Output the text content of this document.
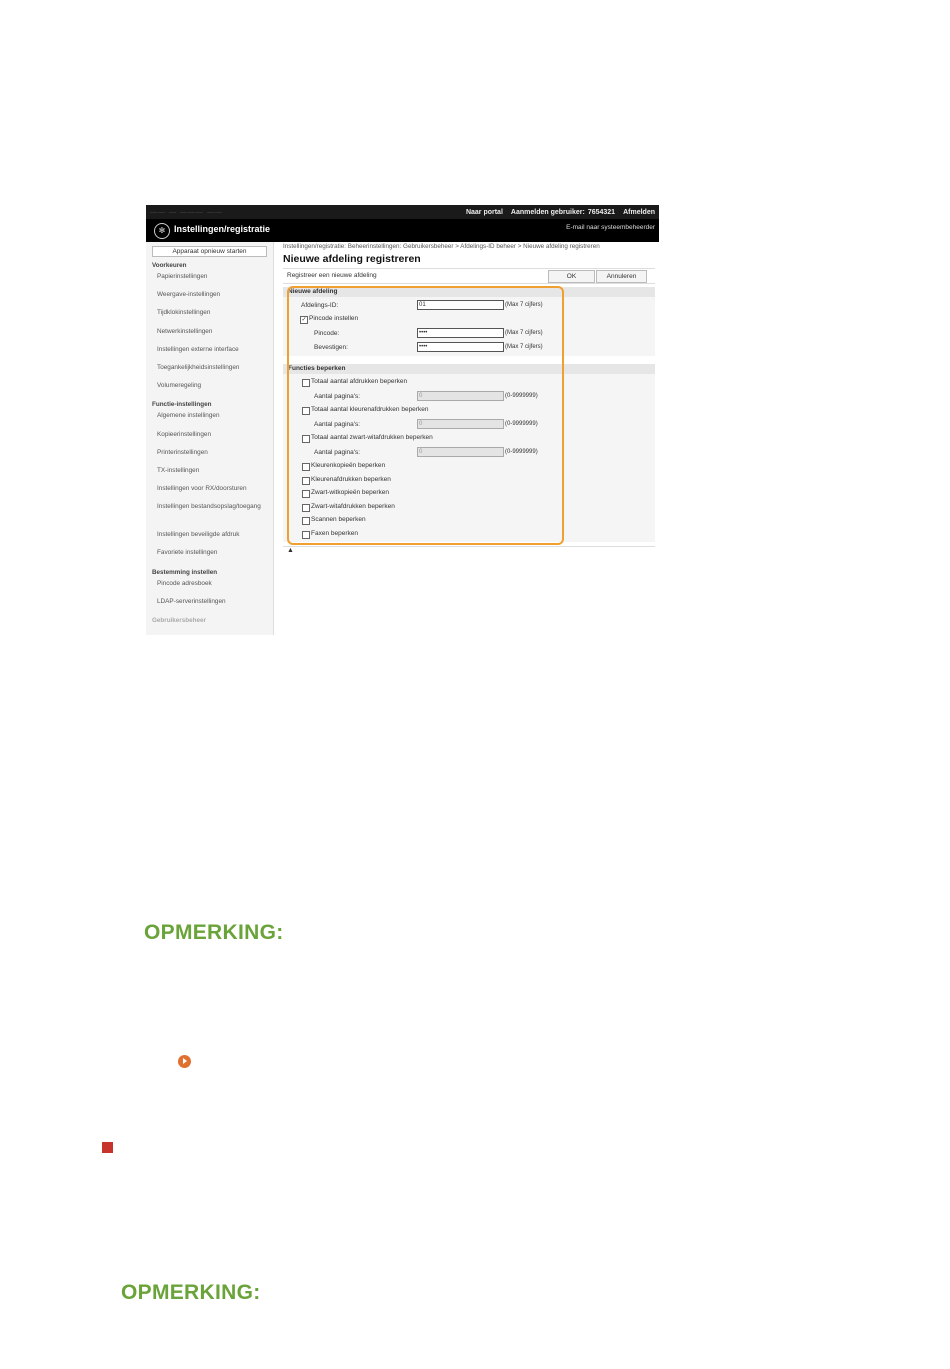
—— — ——— ——	Naar portal Aanmelden gebruiker: 7654321 Afmelden
✻ Instellingen/registratie	E-mail naar systeembeheerder
Apparaat opnieuw starten
Voorkeuren
Papierinstellingen
Weergave-instellingen
Tijdklokinstellingen
Netwerkinstellingen
Instellingen externe interface
Toegankelijkheidsinstellingen
Volumeregeling
Functie-instellingen
Algemene instellingen
Kopieerinstellingen
Printerinstellingen
TX-instellingen
Instellingen voor RX/doorsturen
Instellingen bestandsopslag/toegang
Instellingen beveiligde afdruk
Favoriete instellingen
Bestemming instellen
Pincode adresboek
LDAP-serverinstellingen
Gebruikersbeheer
Instellingen/registratie: Beheerinstellingen: Gebruikersbeheer > Afdelings-ID beheer > Nieuwe afdeling registreren
Nieuwe afdeling registreren
Registreer een nieuwe afdeling	OK	Annuleren
Nieuwe afdeling
Afdelings-ID:	01	(Max 7 cijfers)
✓ Pincode instellen
Pincode:	••••	(Max 7 cijfers)
Bevestigen:	••••	(Max 7 cijfers)
Functies beperken
Totaal aantal afdrukken beperken
Aantal pagina's:	0	(0-9999999)
Totaal aantal kleurenafdrukken beperken
Aantal pagina's:	0	(0-9999999)
Totaal aantal zwart-witafdrukken beperken
Aantal pagina's:	0	(0-9999999)
Kleurenkopieën beperken
Kleurenafdrukken beperken
Zwart-witkopieën beperken
Zwart-witafdrukken beperken
Scannen beperken
Faxen beperken
▲
OPMERKING:
OPMERKING:
